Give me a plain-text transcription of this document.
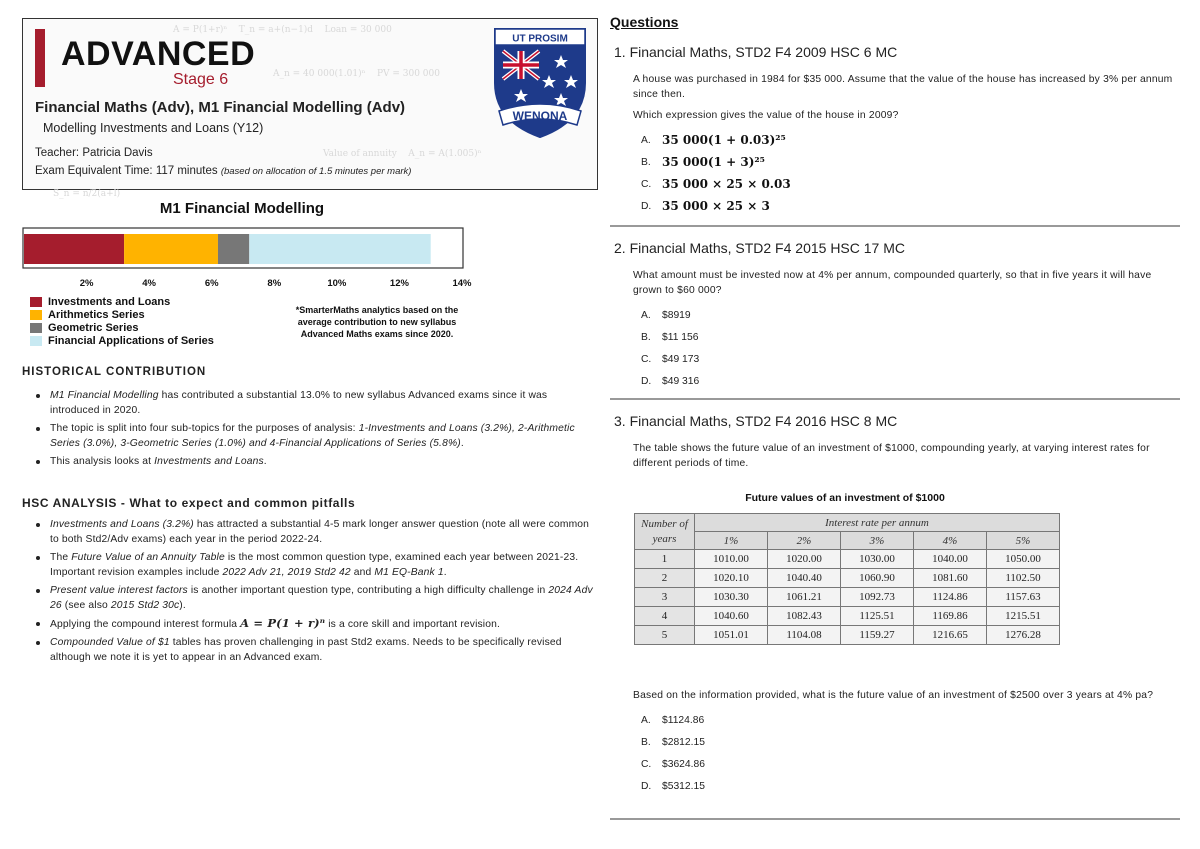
A = P(1+r)ⁿ    T_n = a+(n−1)d    Loan = 30 000
A_n = 40 000(1.01)ⁿ    PV = 300 000
Value of annuity    A_n = A(1.005)ⁿ
S_n = n/2(a+l)
ADVANCED
Stage 6
Financial Maths (Adv), M1 Financial Modelling (Adv)
Modelling Investments and Loans (Y12)
Teacher: Patricia Davis
Exam Equivalent Time: 117 minutes (based on allocation of 1.5 minutes per mark)
UT PROSIM
WENONA
M1 Financial Modelling
2%	4%	6%	8%	10%	12%	14%
Investments and Loans
Arithmetics Series
Geometric Series
Financial Applications of Series
*SmarterMaths analytics based on the average contribution to new syllabus Advanced Maths exams since 2020.
HISTORICAL CONTRIBUTION
M1 Financial Modelling has contributed a substantial 13.0% to new syllabus Advanced exams since it was introduced in 2020.
The topic is split into four sub-topics for the purposes of analysis: 1-Investments and Loans (3.2%), 2-Arithmetic Series (3.0%), 3-Geometric Series (1.0%) and 4-Financial Applications of Series (5.8%).
This analysis looks at Investments and Loans.
HSC ANALYSIS - What to expect and common pitfalls
Investments and Loans (3.2%) has attracted a substantial 4-5 mark longer answer question (note all were common to both Std2/Adv exams) each year in the period 2022-24.
The Future Value of an Annuity Table is the most common question type, examined each year between 2021-23. Important revision examples include 2022 Adv 21, 2019 Std2 42 and M1 EQ-Bank 1.
Present value interest factors is another important question type, contributing a high difficulty challenge in 2024 Adv 26 (see also 2015 Std2 30c).
Applying the compound interest formula A = P(1 + r)ⁿ is a core skill and important revision.
Compounded Value of $1 tables has proven challenging in past Std2 exams. Needs to be specifically revised although we note it is yet to appear in an Advanced exam.
Questions
1. Financial Maths, STD2 F4 2009 HSC 6 MC
A house was purchased in 1984 for $35 000. Assume that the value of the house has increased by 3% per annum since then.
Which expression gives the value of the house in 2009?
A. 35 000(1 + 0.03)²⁵
B. 35 000(1 + 3)²⁵
C. 35 000 × 25 × 0.03
D. 35 000 × 25 × 3
2. Financial Maths, STD2 F4 2015 HSC 17 MC
What amount must be invested now at 4% per annum, compounded quarterly, so that in five years it will have grown to $60 000?
A.	$8919
B.	$11 156
C.	$49 173
D.	$49 316
3. Financial Maths, STD2 F4 2016 HSC 8 MC
The table shows the future value of an investment of $1000, compounding yearly, at varying interest rates for different periods of time.
Future values of an investment of $1000
Number of years	Interest rate per annum				
	1%	2%	3%	4%	5%
1	1010.00	1020.00	1030.00	1040.00	1050.00
2	1020.10	1040.40	1060.90	1081.60	1102.50
3	1030.30	1061.21	1092.73	1124.86	1157.63
4	1040.60	1082.43	1125.51	1169.86	1215.51
5	1051.01	1104.08	1159.27	1216.65	1276.28
Based on the information provided, what is the future value of an investment of $2500 over 3 years at 4% pa?
A.	$1124.86
B.	$2812.15
C.	$3624.86
D.	$5312.15
